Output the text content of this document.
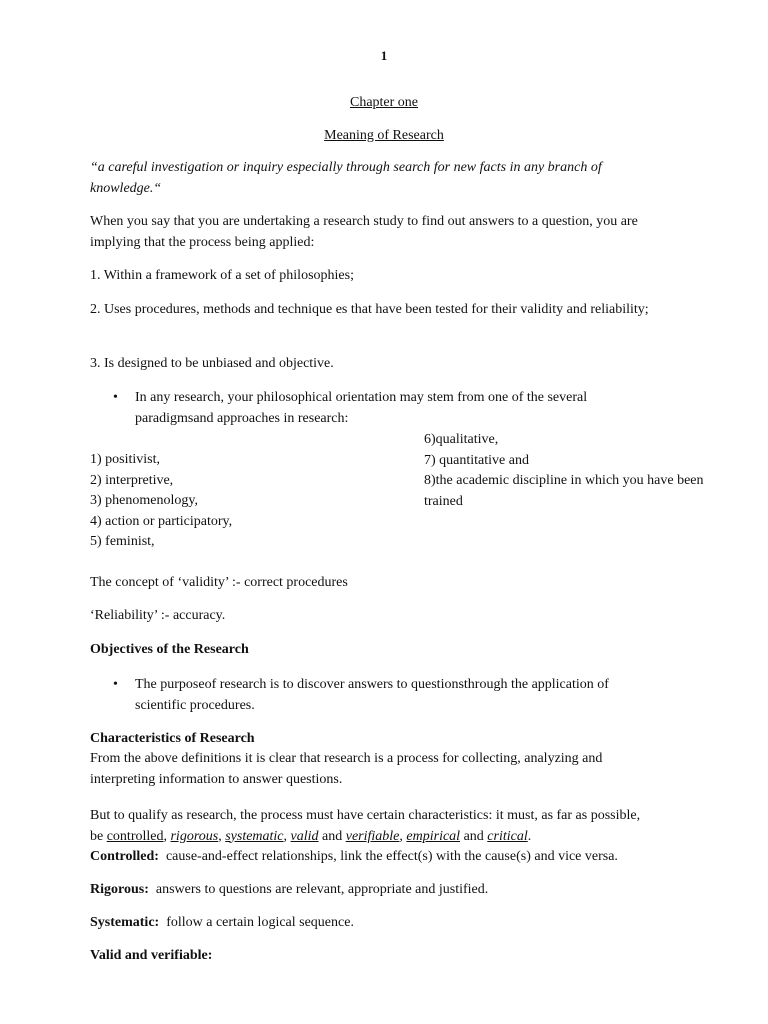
1
Chapter one
Meaning of Research
“a careful investigation or inquiry especially through search for new facts in any branch of knowledge.“
When you say that you are undertaking a research study to find out answers to a question, you are implying that the process being applied:
1. Within a framework of a set of philosophies;
2. Uses procedures, methods and technique es that have been tested for their validity and reliability;
3. Is designed to be unbiased and objective.
• In any research, your philosophical orientation may stem from one of the several paradigmsand approaches in research:
1) positivist,
2) interpretive,
3) phenomenology,
4) action or participatory,
5) feminist,
6)qualitative,
7) quantitative and
8)the academic discipline in which you have been trained
The concept of ‘validity’ :- correct procedures
‘Reliability’ :- accuracy.
Objectives of the Research
• The purposeof research is to discover answers to questionsthrough the application of scientific procedures.
Characteristics of Research
From the above definitions it is clear that research is a process for collecting, analyzing and interpreting information to answer questions.
But to qualify as research, the process must have certain characteristics: it must, as far as possible, be controlled, rigorous, systematic, valid and verifiable, empirical and critical.
Controlled: cause-and-effect relationships, link the effect(s) with the cause(s) and vice versa.
Rigorous: answers to questions are relevant, appropriate and justified.
Systematic: follow a certain logical sequence.
Valid and verifiable:
